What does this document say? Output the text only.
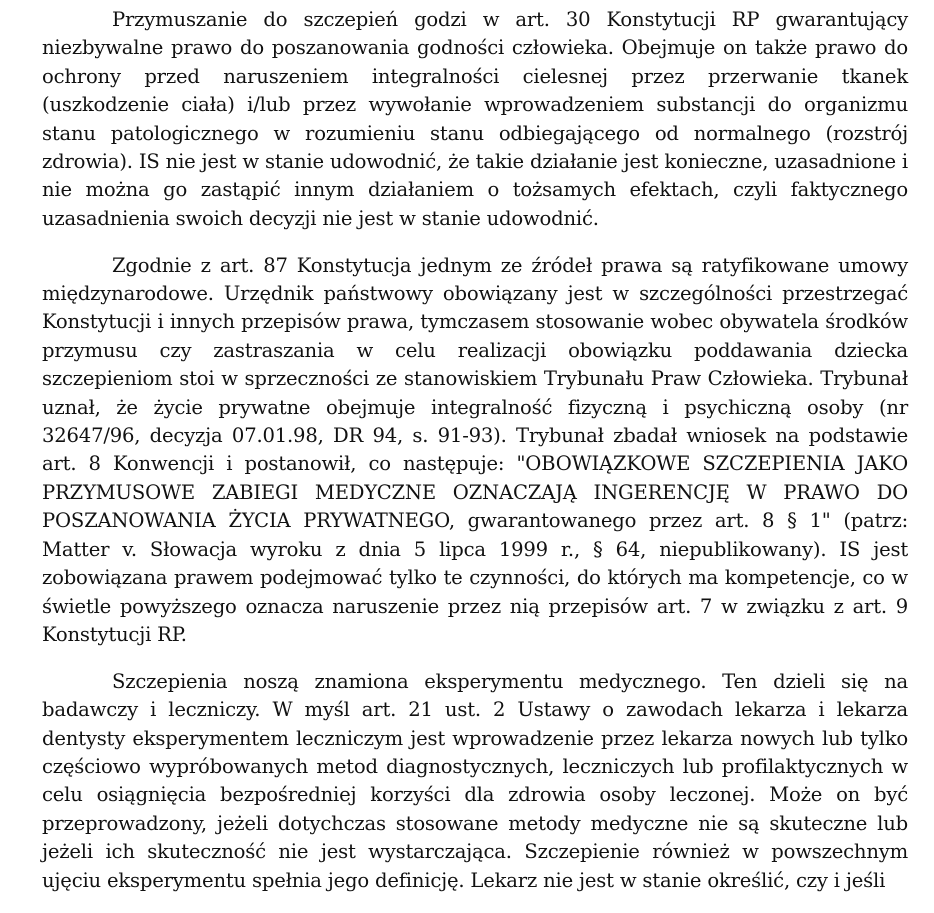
Przymuszanie do szczepień godzi w art. 30 Konstytucji RP gwarantujący niezbywalne prawo do poszanowania godności człowieka. Obejmuje on także prawo do ochrony przed naruszeniem integralności cielesnej przez przerwanie tkanek (uszkodzenie ciała) i/lub przez wywołanie wprowadzeniem substancji do organizmu stanu patologicznego w rozumieniu stanu odbiegającego od normalnego (rozstrój zdrowia). IS nie jest w stanie udowodnić, że takie działanie jest konieczne, uzasadnione i nie można go zastąpić innym działaniem o tożsamych efektach, czyli faktycznego uzasadnienia swoich decyzji nie jest w stanie udowodnić.

Zgodnie z art. 87 Konstytucja jednym ze źródeł prawa są ratyfikowane umowy międzynarodowe. Urzędnik państwowy obowiązany jest w szczególności przestrzegać Konstytucji i innych przepisów prawa, tymczasem stosowanie wobec obywatela środków przymusu czy zastraszania w celu realizacji obowiązku poddawania dziecka szczepieniom stoi w sprzeczności ze stanowiskiem Trybunału Praw Człowieka. Trybunał uznał, że życie prywatne obejmuje integralność fizyczną i psychiczną osoby (nr 32647/96, decyzja 07.01.98, DR 94, s. 91-93). Trybunał zbadał wniosek na podstawie art. 8 Konwencji i postanowił, co następuje: "OBOWIĄZKOWE SZCZEPIENIA JAKO PRZYMUSOWE ZABIEGI MEDYCZNE OZNACZAJĄ INGERENCJĘ W PRAWO DO POSZANOWANIA ŻYCIA PRYWATNEGO, gwarantowanego przez art. 8 § 1" (patrz: Matter v. Słowacja wyroku z dnia 5 lipca 1999 r., § 64, niepublikowany). IS jest zobowiązana prawem podejmować tylko te czynności, do których ma kompetencje, co w świetle powyższego oznacza naruszenie przez nią przepisów art. 7 w związku z art. 9 Konstytucji RP.

Szczepienia noszą znamiona eksperymentu medycznego. Ten dzieli się na badawczy i leczniczy. W myśl art. 21 ust. 2 Ustawy o zawodach lekarza i lekarza dentysty eksperymentem leczniczym jest wprowadzenie przez lekarza nowych lub tylko częściowo wypróbowanych metod diagnostycznych, leczniczych lub profilaktycznych w celu osiągnięcia bezpośredniej korzyści dla zdrowia osoby leczonej. Może on być przeprowadzony, jeżeli dotychczas stosowane metody medyczne nie są skuteczne lub jeżeli ich skuteczność nie jest wystarczająca. Szczepienie również w powszechnym ujęciu eksperymentu spełnia jego definicję. Lekarz nie jest w stanie określić, czy i jeśli
